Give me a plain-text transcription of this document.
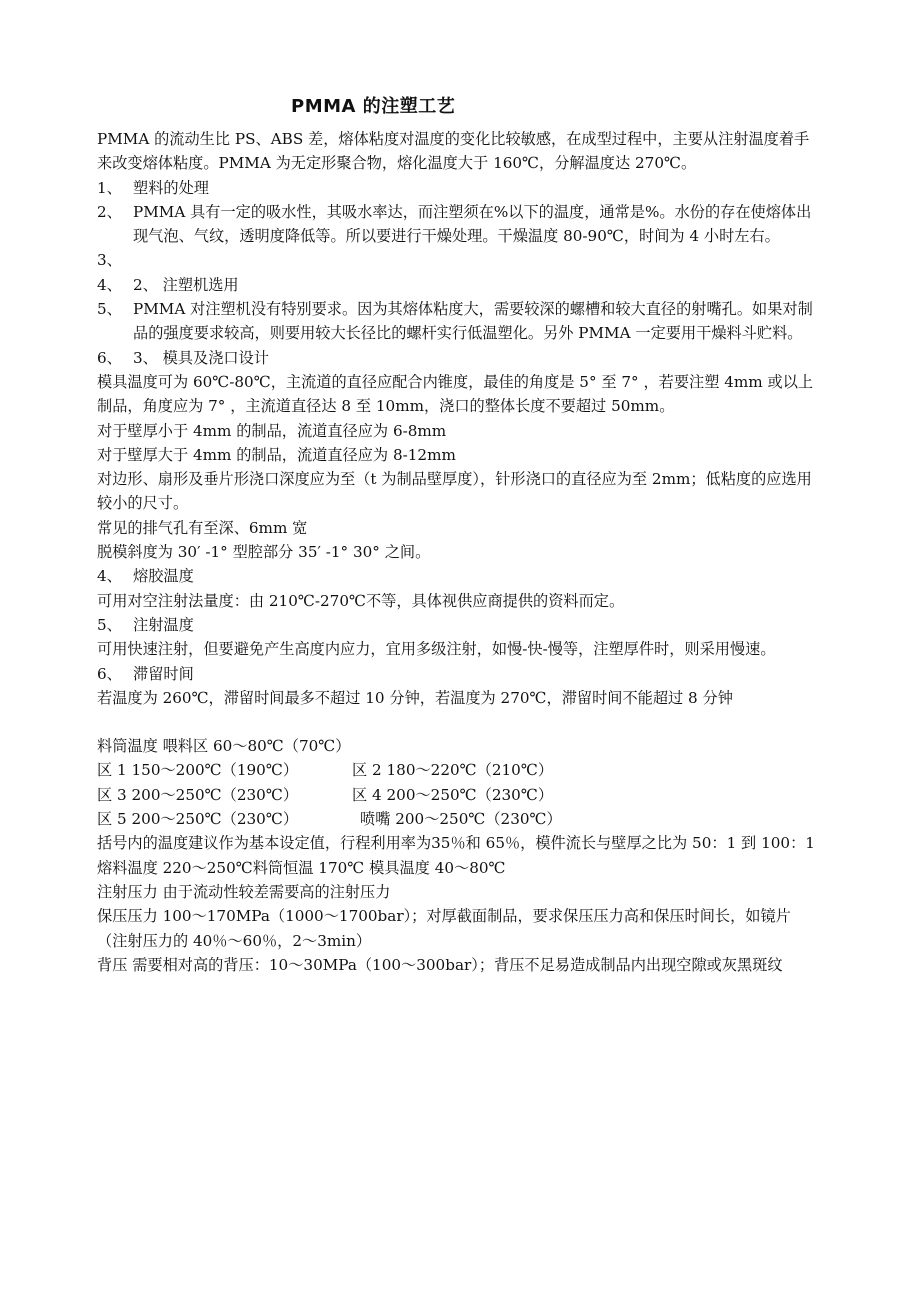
PMMA 的注塑工艺

PMMA 的流动生比 PS、ABS 差，熔体粘度对温度的变化比较敏感，在成型过程中，主要从注射温度着手来改变熔体粘度。PMMA 为无定形聚合物，熔化温度大于 160℃，分解温度达 270℃。

1、 塑料的处理
2、 PMMA 具有一定的吸水性，其吸水率达，而注塑须在%以下的温度，通常是%。水份的存在使熔体出现气泡、气纹，透明度降低等。所以要进行干燥处理。干燥温度 80-90℃，时间为 4 小时左右。
3、
4、 2、 注塑机选用
5、 PMMA 对注塑机没有特别要求。因为其熔体粘度大，需要较深的螺槽和较大直径的射嘴孔。如果对制品的强度要求较高，则要用较大长径比的螺杆实行低温塑化。另外 PMMA 一定要用干燥料斗贮料。
6、 3、 模具及浇口设计

模具温度可为 60℃-80℃，主流道的直径应配合内锥度，最佳的角度是 5° 至 7° ，若要注塑 4mm 或以上制品，角度应为 7° ，主流道直径达 8 至 10mm，浇口的整体长度不要超过 50mm。

对于壁厚小于 4mm 的制品，流道直径应为 6-8mm

对于壁厚大于 4mm 的制品，流道直径应为 8-12mm

对边形、扇形及垂片形浇口深度应为至（t 为制品壁厚度），针形浇口的直径应为至 2mm；低粘度的应选用较小的尺寸。

常见的排气孔有至深、6mm 宽

脱模斜度为 30′ -1° 型腔部分 35′ -1° 30° 之间。

4、 熔胶温度

可用对空注射法量度：由 210℃-270℃不等，具体视供应商提供的资料而定。

5、 注射温度

可用快速注射，但要避免产生高度内应力，宜用多级注射，如慢-快-慢等，注塑厚件时，则采用慢速。

6、 滞留时间

若温度为 260℃，滞留时间最多不超过 10 分钟，若温度为 270℃，滞留时间不能超过 8 分钟

料筒温度 喂料区 60～80℃（70℃）

区 1 150～200℃（190℃）	区 2 180～220℃（210℃）
区 3 200～250℃（230℃）	区 4 200～250℃（230℃）
区 5 200～250℃（230℃）	喷嘴 200～250℃（230℃）

括号内的温度建议作为基本设定值，行程利用率为35％和 65％，模件流长与壁厚之比为 50：1 到 100：1

熔料温度 220～250℃料筒恒温 170℃ 模具温度 40～80℃

注射压力 由于流动性较差需要高的注射压力

保压压力 100～170MPa（1000～1700bar）；对厚截面制品，要求保压压力高和保压时间长，如镜片（注射压力的 40％～60％，2～3min）

背压 需要相对高的背压：10～30MPa（100～300bar）；背压不足易造成制品内出现空隙或灰黑斑纹
